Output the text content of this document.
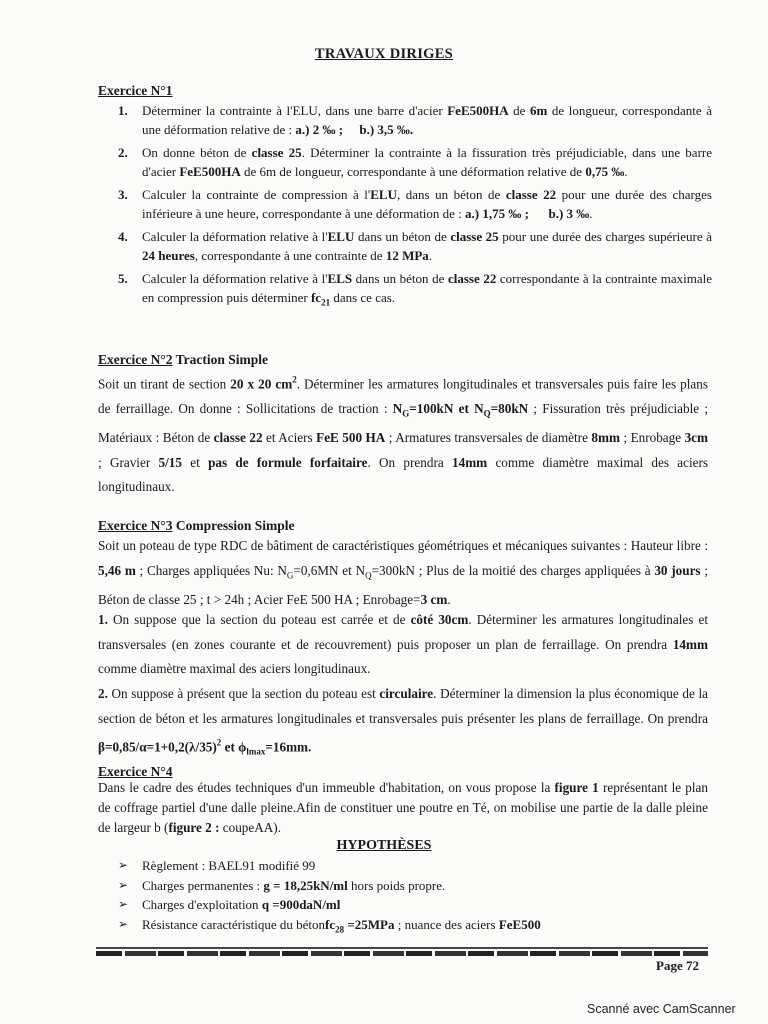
TRAVAUX DIRIGES
Exercice N°1
1. Déterminer la contrainte à l'ELU, dans une barre d'acier FeE500HA de 6m de longueur, correspondante à une déformation relative de : a.) 2 ‰ ; b.) 3,5 ‰.
2. On donne béton de classe 25. Déterminer la contrainte à la fissuration très préjudiciable, dans une barre d'acier FeE500HA de 6m de longueur, correspondante à une déformation relative de 0,75 ‰.
3. Calculer la contrainte de compression à l'ELU, dans un béton de classe 22 pour une durée des charges inférieure à une heure, correspondante à une déformation de : a.) 1,75 ‰ ; b.) 3 ‰.
4. Calculer la déformation relative à l'ELU dans un béton de classe 25 pour une durée des charges supérieure à 24 heures, correspondante à une contrainte de 12 MPa.
5. Calculer la déformation relative à l'ELS dans un béton de classe 22 correspondante à la contrainte maximale en compression puis déterminer $fc_{21}$ dans ce cas.
Exercice N°2 Traction Simple
Soit un tirant de section 20 x 20 $cm^2$. Déterminer les armatures longitudinales et transversales puis faire les plans de ferraillage. On donne : Sollicitations de traction : $N_G=100kN$ et $N_Q=80kN$ ; Fissuration très préjudiciable ; Matériaux : Béton de classe 22 et Aciers FeE 500 HA ; Armatures transversales de diamètre 8mm ; Enrobage 3cm ; Gravier 5/15 et pas de formule forfaitaire. On prendra 14mm comme diamètre maximal des aciers longitudinaux.
Exercice N°3 Compression Simple
Soit un poteau de type RDC de bâtiment de caractéristiques géométriques et mécaniques suivantes : Hauteur libre : 5,46 m ; Charges appliquées Nu: $N_G=0,6MN$ et $N_Q=300kN$ ; Plus de la moitié des charges appliquées à 30 jours ; Béton de classe 25 ; t > 24h ; Acier FeE 500 HA ; Enrobage=3 cm.
1. On suppose que la section du poteau est carrée et de côté 30cm. Déterminer les armatures longitudinales et transversales (en zones courante et de recouvrement) puis proposer un plan de ferraillage. On prendra 14mm comme diamètre maximal des aciers longitudinaux.
2. On suppose à présent que la section du poteau est circulaire. Déterminer la dimension la plus économique de la section de béton et les armatures longitudinales et transversales puis présenter les plans de ferraillage. On prendra $\beta=0,85/\alpha=1+0,2(\lambda/35)^2$ et $\phi_{lmax}=16mm$.
Exercice N°4
Dans le cadre des études techniques d'un immeuble d'habitation, on vous propose la figure 1 représentant le plan de coffrage partiel d'une dalle pleine.Afin de constituer une poutre en Té, on mobilise une partie de la dalle pleine de largeur b (figure 2 : coupeAA).
HYPOTHÈSES
➢ Règlement : BAEL91 modifié 99
➢ Charges permanentes : g = 18,25kN/ml hors poids propre.
➢ Charges d'exploitation q =900daN/ml
➢ Résistance caractéristique du bétonfc$_{28}$ =25MPa ; nuance des aciers FeE500
Page 72
Scanné avec CamScanner
